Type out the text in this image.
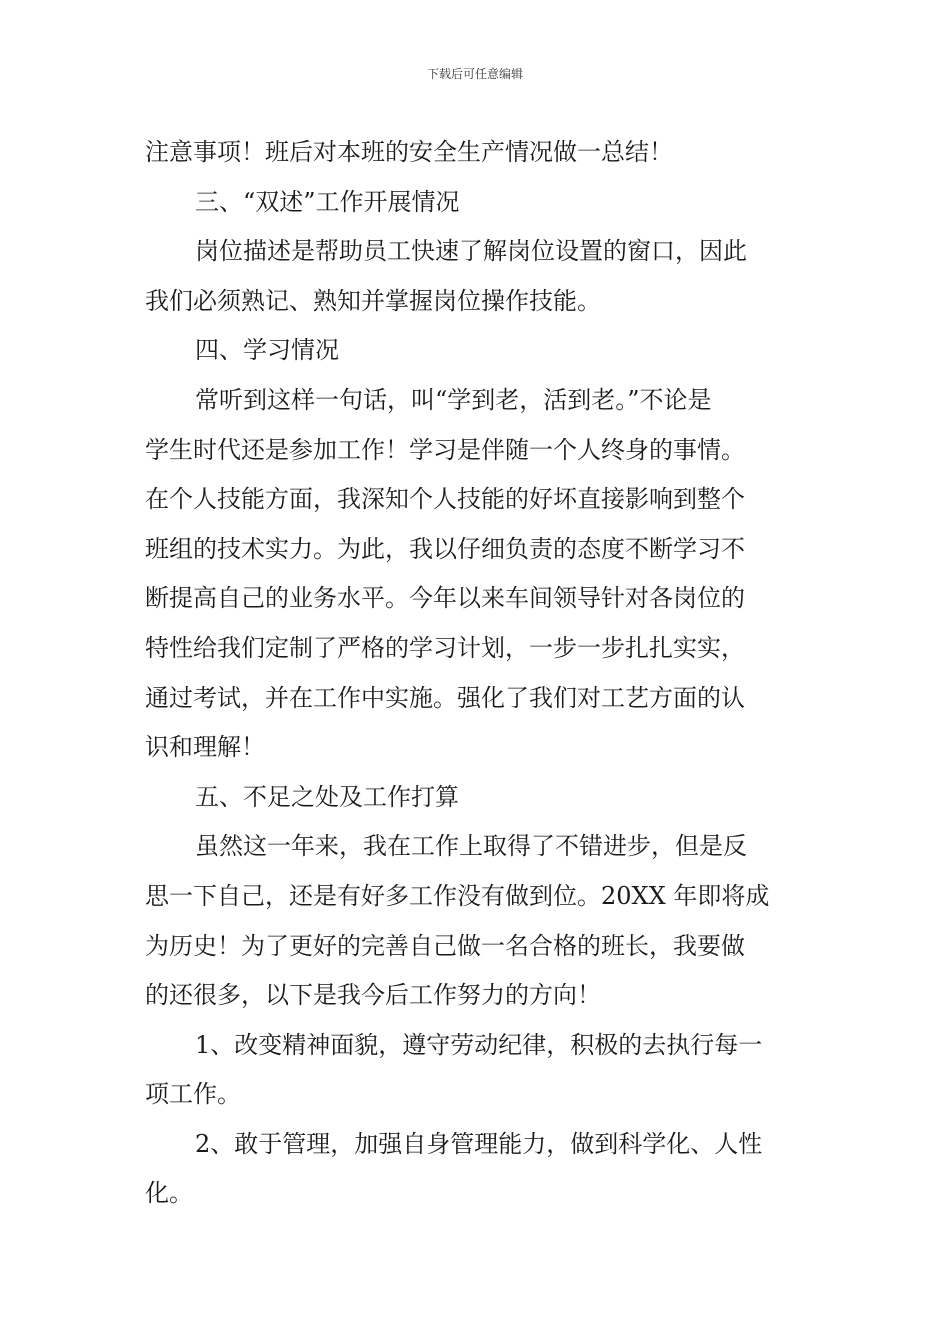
下载后可任意编辑
注意事项！班后对本班的安全生产情况做一总结！
三、“双述”工作开展情况
岗位描述是帮助员工快速了解岗位设置的窗口，因此
我们必须熟记、熟知并掌握岗位操作技能。
四、学习情况
常听到这样一句话，叫“学到老，活到老。”不论是
学生时代还是参加工作！学习是伴随一个人终身的事情。
在个人技能方面，我深知个人技能的好坏直接影响到整个
班组的技术实力。为此，我以仔细负责的态度不断学习不
断提高自己的业务水平。今年以来车间领导针对各岗位的
特性给我们定制了严格的学习计划，一步一步扎扎实实，
通过考试，并在工作中实施。强化了我们对工艺方面的认
识和理解！
五、不足之处及工作打算
虽然这一年来，我在工作上取得了不错进步，但是反
思一下自己，还是有好多工作没有做到位。20XX 年即将成
为历史！为了更好的完善自己做一名合格的班长，我要做
的还很多，以下是我今后工作努力的方向！
1、改变精神面貌，遵守劳动纪律，积极的去执行每一
项工作。
2、敢于管理，加强自身管理能力，做到科学化、人性
化。
